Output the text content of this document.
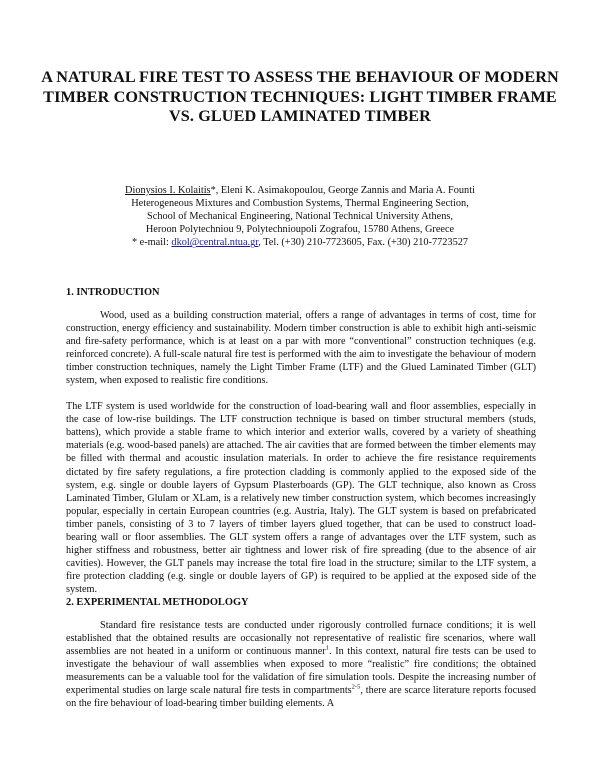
A NATURAL FIRE TEST TO ASSESS THE BEHAVIOUR OF MODERN TIMBER CONSTRUCTION TECHNIQUES: LIGHT TIMBER FRAME VS. GLUED LAMINATED TIMBER
Dionysios I. Kolaitis*, Eleni K. Asimakopoulou, George Zannis and Maria A. Founti
Heterogeneous Mixtures and Combustion Systems, Thermal Engineering Section,
School of Mechanical Engineering, National Technical University Athens,
Heroon Polytechniou 9, Polytechnioupoli Zografou, 15780 Athens, Greece
* e-mail: dkol@central.ntua.gr, Tel. (+30) 210-7723605, Fax. (+30) 210-7723527
1. INTRODUCTION

Wood, used as a building construction material, offers a range of advantages in terms of cost, time for construction, energy efficiency and sustainability. Modern timber construction is able to exhibit high anti-seismic and fire-safety performance, which is at least on a par with more “conventional” construction techniques (e.g. reinforced concrete). A full-scale natural fire test is performed with the aim to investigate the behaviour of modern timber construction techniques, namely the Light Timber Frame (LTF) and the Glued Laminated Timber (GLT) system, when exposed to realistic fire conditions.

The LTF system is used worldwide for the construction of load-bearing wall and floor assemblies, especially in the case of low-rise buildings. The LTF construction technique is based on timber structural members (studs, battens), which provide a stable frame to which interior and exterior walls, covered by a variety of sheathing materials (e.g. wood-based panels) are attached. The air cavities that are formed between the timber elements may be filled with thermal and acoustic insulation materials. In order to achieve the fire resistance requirements dictated by fire safety regulations, a fire protection cladding is commonly applied to the exposed side of the system, e.g. single or double layers of Gypsum Plasterboards (GP). The GLT technique, also known as Cross Laminated Timber, Glulam or XLam, is a relatively new timber construction system, which becomes increasingly popular, especially in certain European countries (e.g. Austria, Italy). The GLT system is based on prefabricated timber panels, consisting of 3 to 7 layers of timber layers glued together, that can be used to construct load-bearing wall or floor assemblies. The GLT system offers a range of advantages over the LTF system, such as higher stiffness and robustness, better air tightness and lower risk of fire spreading (due to the absence of air cavities). However, the GLT panels may increase the total fire load in the structure; similar to the LTF system, a fire protection cladding (e.g. single or double layers of GP) is required to be applied at the exposed side of the system.

2. EXPERIMENTAL METHODOLOGY

Standard fire resistance tests are conducted under rigorously controlled furnace conditions; it is well established that the obtained results are occasionally not representative of realistic fire scenarios, where wall assemblies are not heated in a uniform or continuous manner$^1$. In this context, natural fire tests can be used to investigate the behaviour of wall assemblies when exposed to more “realistic” fire conditions; the obtained measurements can be a valuable tool for the validation of fire simulation tools. Despite the increasing number of experimental studies on large scale natural fire tests in compartments$^{2-5}$, there are scarce literature reports focused on the fire behaviour of load-bearing timber building elements. A
